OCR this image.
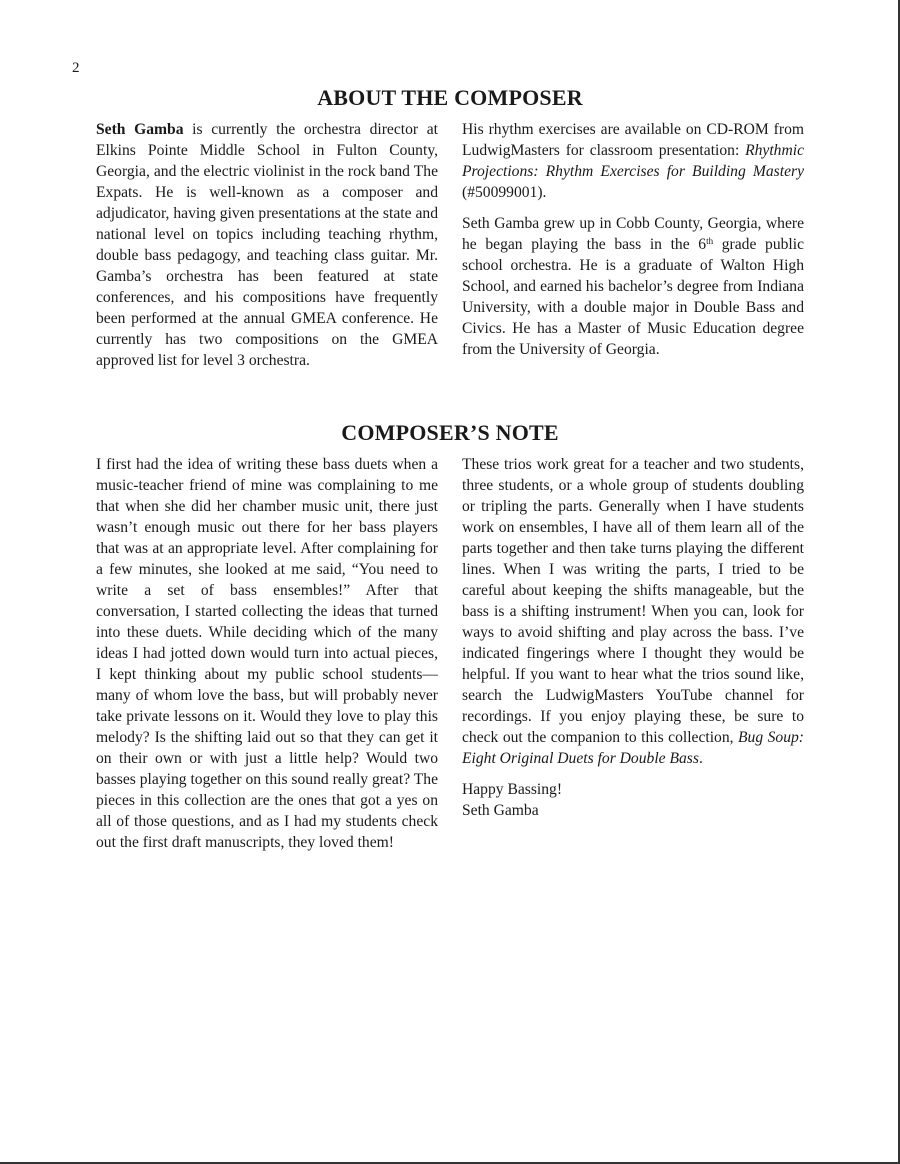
2
ABOUT THE COMPOSER

Seth Gamba is currently the orchestra director at Elkins Pointe Middle School in Fulton County, Georgia, and the electric violinist in the rock band The Expats. He is well-known as a composer and adjudicator, having given presentations at the state and national level on topics including teaching rhythm, double bass pedagogy, and teaching class guitar. Mr. Gamba’s orchestra has been featured at state conferences, and his compositions have frequently been performed at the annual GMEA conference. He currently has two compositions on the GMEA approved list for level 3 orchestra.

His rhythm exercises are available on CD-ROM from LudwigMasters for classroom presentation: Rhythmic Projections: Rhythm Exercises for Building Mastery (#50099001).

Seth Gamba grew up in Cobb County, Georgia, where he began playing the bass in the 6th grade public school orchestra. He is a graduate of Walton High School, and earned his bachelor’s degree from Indiana University, with a double major in Double Bass and Civics. He has a Master of Music Education degree from the University of Georgia.

COMPOSER’S NOTE

I first had the idea of writing these bass duets when a music-teacher friend of mine was complaining to me that when she did her chamber music unit, there just wasn’t enough music out there for her bass players that was at an appropriate level. After complaining for a few minutes, she looked at me said, “You need to write a set of bass ensembles!” After that conversation, I started collecting the ideas that turned into these duets. While deciding which of the many ideas I had jotted down would turn into actual pieces, I kept thinking about my public school students—many of whom love the bass, but will probably never take private lessons on it. Would they love to play this melody? Is the shifting laid out so that they can get it on their own or with just a little help? Would two basses playing together on this sound really great? The pieces in this collection are the ones that got a yes on all of those questions, and as I had my students check out the first draft manuscripts, they loved them!

These trios work great for a teacher and two students, three students, or a whole group of students doubling or tripling the parts. Generally when I have students work on ensembles, I have all of them learn all of the parts together and then take turns playing the different lines. When I was writing the parts, I tried to be careful about keeping the shifts manageable, but the bass is a shifting instrument! When you can, look for ways to avoid shifting and play across the bass. I’ve indicated fingerings where I thought they would be helpful. If you want to hear what the trios sound like, search the LudwigMasters YouTube channel for recordings. If you enjoy playing these, be sure to check out the companion to this collection, Bug Soup: Eight Original Duets for Double Bass.

Happy Bassing!

Seth Gamba
